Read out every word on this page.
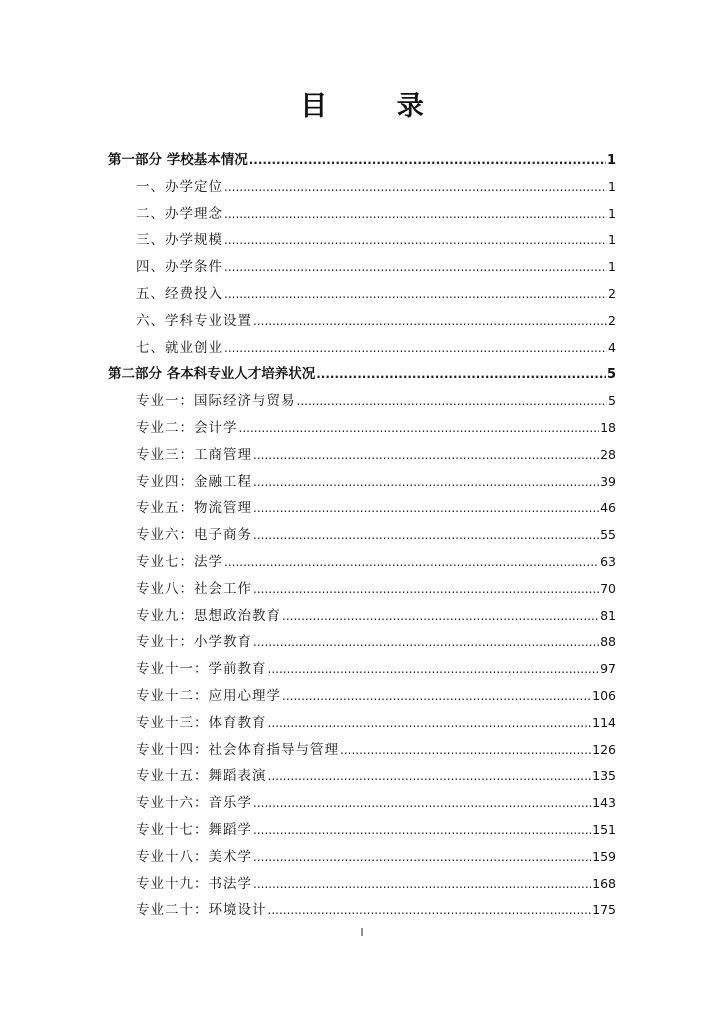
目 录
第一部分 学校基本情况 .....	1
一、办学定位 .....	1
二、办学理念 .....	1
三、办学规模 .....	1
四、办学条件 .....	1
五、经费投入 .....	2
六、学科专业设置 .....	2
七、就业创业 .....	4
第二部分 各本科专业人才培养状况 .....	5
专业一：国际经济与贸易 .....	5
专业二：会计学 .....	18
专业三：工商管理 .....	28
专业四：金融工程 .....	39
专业五：物流管理 .....	46
专业六：电子商务 .....	55
专业七：法学 .....	63
专业八：社会工作 .....	70
专业九：思想政治教育 .....	81
专业十：小学教育 .....	88
专业十一：学前教育 .....	97
专业十二：应用心理学 .....	106
专业十三：体育教育 .....	114
专业十四：社会体育指导与管理 .....	126
专业十五：舞蹈表演 .....	135
专业十六：音乐学 .....	143
专业十七：舞蹈学 .....	151
专业十八：美术学 .....	159
专业十九：书法学 .....	168
专业二十：环境设计 .....	175
I
